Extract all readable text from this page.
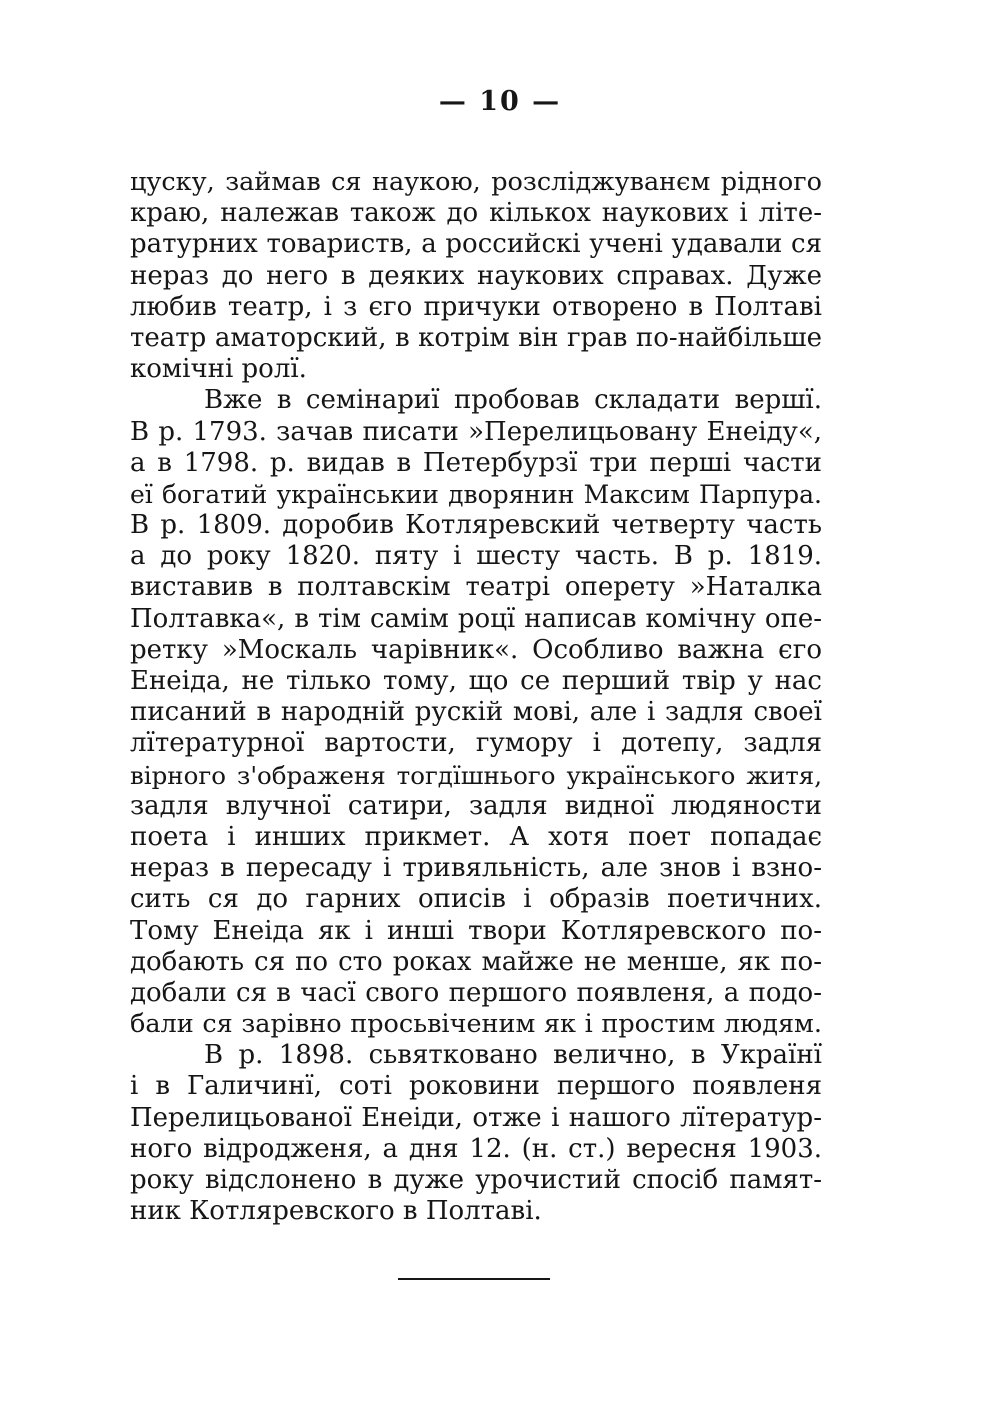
— 10 —
цуску, займав ся наукою, розсліджуванєм рідного
краю, належав також до кількох наукових і літе-
ратурних товариств, а российскі учені удавали ся
нераз до него в деяких наукових справах. Дуже
любив театр, і з єго причуки отворено в Полтаві
театр аматорский, в котрім він грав по-найбільше
комічні ролї.
Вже в семінариї пробовав складати вершї.
В р. 1793. зачав писати »Перелицьовану Енеіду«,
а в 1798. р. видав в Петербурзї три перші части
еї богатий українськии дворянин Максим Парпура.
В р. 1809. доробив Котляревский четверту часть
а до року 1820. пяту і шесту часть. В р. 1819.
виставив в полтавскім театрі оперету »Наталка
Полтавка«, в тім самім роцї написав комічну опе-
ретку »Москаль чарівник«. Особливо важна єго
Енеіда, не тілько тому, що се перший твір у нас
писаний в народній рускій мові, але і задля своеї
лїтературної вартости, гумору і дотепу, задля
вірного з'ображеня тогдїшнього українського житя,
задля влучної сатири, задля видної людяности
поета і инших прикмет. А хотя поет попадає
нераз в пересаду і тривяльність, але знов і взно-
сить ся до гарних описів і образів поетичних.
Тому Енеіда як і инші твори Котляревского по-
добають ся по сто роках майже не менше, як по-
добали ся в часї свого першого появленя, а подо-
бали ся зарівно просьвіченим як і простим людям.
В р. 1898. сьвятковано велично, в Українї
і в Галичинї, соті роковини першого появленя
Перелицьованої Енеіди, отже і нашого лїтератур-
ного відродженя, а дня 12. (н. ст.) вересня 1903.
року відслонено в дуже урочистий спосіб памят-
ник Котляревского в Полтаві.
